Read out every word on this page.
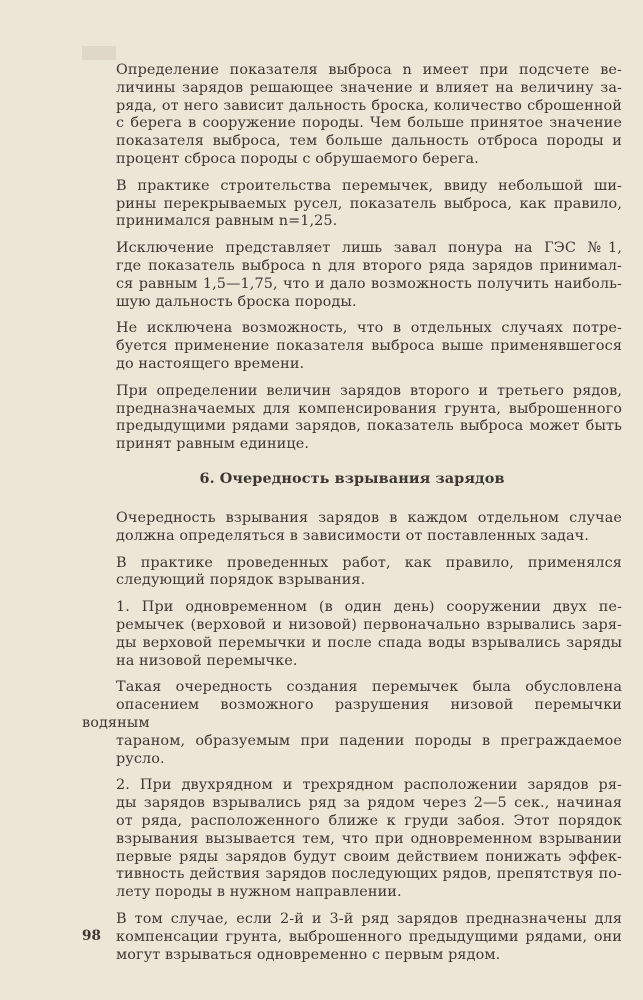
Определение показателя выброса n имеет при подсчете ве-
личины зарядов решающее значение и влияет на величину за-
ряда, от него зависит дальность броска, количество сброшенной
с берега в сооружение породы. Чем больше принятое значение
показателя выброса, тем больше дальность отброса породы и
процент сброса породы с обрушаемого берега.
В практике строительства перемычек, ввиду небольшой ши-
рины перекрываемых русел, показатель выброса, как правило,
принимался равным n=1,25.
Исключение представляет лишь завал понура на ГЭС №1,
где показатель выброса n для второго ряда зарядов принимал-
ся равным 1,5—1,75, что и дало возможность получить наиболь-
шую дальность броска породы.
Не исключена возможность, что в отдельных случаях потре-
буется применение показателя выброса выше применявшегося
до настоящего времени.
При определении величин зарядов второго и третьего рядов,
предназначаемых для компенсирования грунта, выброшенного
предыдущими рядами зарядов, показатель выброса может быть
принят равным единице.
6. Очередность взрывания зарядов
Очередность взрывания зарядов в каждом отдельном случае
должна определяться в зависимости от поставленных задач.
В практике проведенных работ, как правило, применялся
следующий порядок взрывания.
1. При одновременном (в один день) сооружении двух пе-
ремычек (верховой и низовой) первоначально взрывались заря-
ды верховой перемычки и после спада воды взрывались заряды
на низовой перемычке.
Такая очередность создания перемычек была обусловлена
опасением возможного разрушения низовой перемычки водяным
тараном, образуемым при падении породы в преграждаемое
русло.
2. При двухрядном и трехрядном расположении зарядов ря-
ды зарядов взрывались ряд за рядом через 2—5 сек., начиная
от ряда, расположенного ближе к груди забоя. Этот порядок
взрывания вызывается тем, что при одновременном взрывании
первые ряды зарядов будут своим действием понижать эффек-
тивность действия зарядов последующих рядов, препятствуя по-
лету породы в нужном направлении.
В том случае, если 2-й и 3-й ряд зарядов предназначены для
компенсации грунта, выброшенного предыдущими рядами, они
могут взрываться одновременно с первым рядом.
98
